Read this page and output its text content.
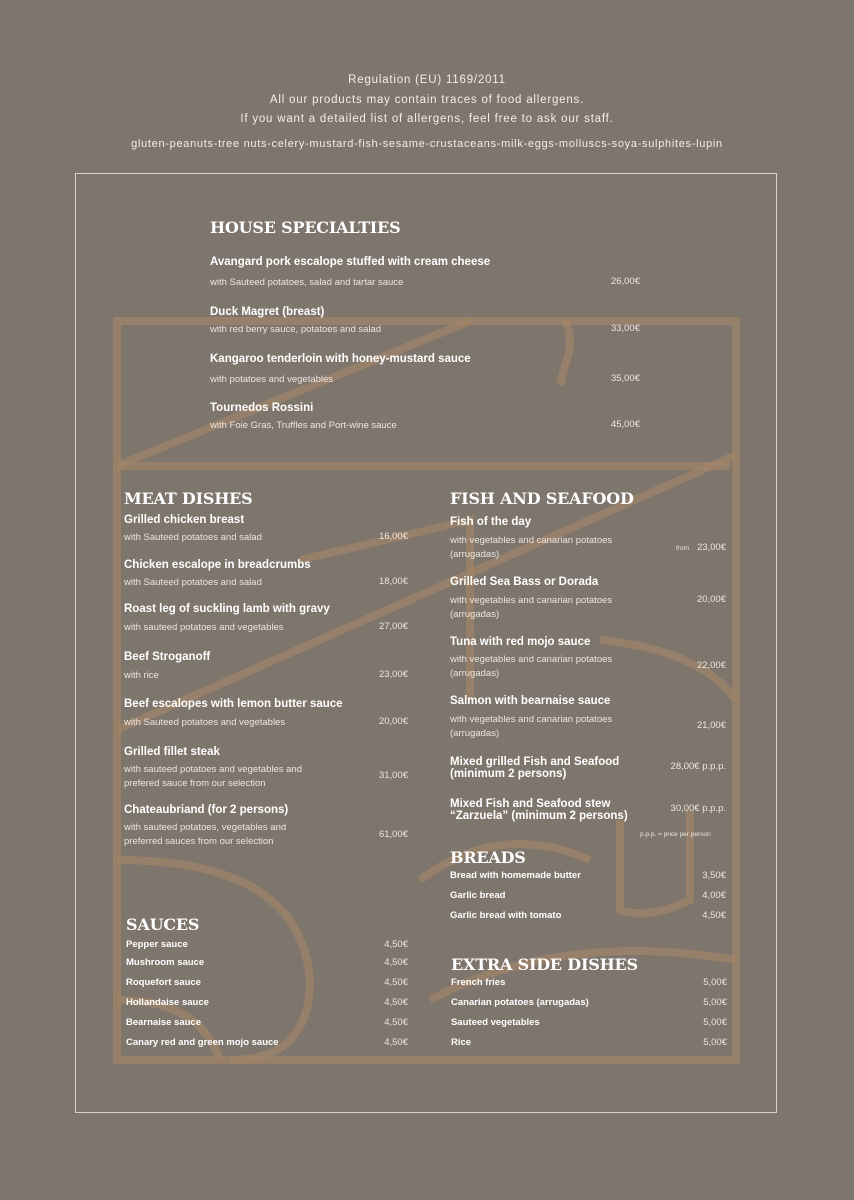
Regulation (EU) 1169/2011
All our products may contain traces of food allergens.
If you want a detailed list of allergens, feel free to ask our staff.
gluten-peanuts-tree nuts-celery-mustard-fish-sesame-crustaceans-milk-eggs-molluscs-soya-sulphites-lupin
HOUSE SPECIALTIES
Avangard pork escalope stuffed with cream cheese
with Sauteed potatoes, salad and tartar sauce	26,00€
Duck Magret (breast)
with red berry sauce, potatoes and salad	33,00€
Kangaroo tenderloin with honey-mustard sauce
with potatoes and vegetables	35,00€
Tournedos Rossini
with Foie Gras, Truffles and Port-wine sauce	45,00€
MEAT DISHES
Grilled chicken breast
with Sauteed potatoes and salad	16,00€
Chicken escalope in breadcrumbs
with Sauteed potatoes and salad	18,00€
Roast leg of suckling lamb with gravy
with sauteed potatoes and vegetables	27,00€
Beef Stroganoff
with rice	23,00€
Beef escalopes with lemon butter sauce
with Sauteed potatoes and vegetables	20,00€
Grilled fillet steak
with sauteed potatoes and vegetables and prefered sauce from our selection
31,00€
Chateaubriand (for 2 persons)
with sauteed potatoes, vegetables and preferred sauces from our selection
61,00€
FISH AND SEAFOOD
Fish of the day
with vegetables and canarian potatoes (arrugadas)
from 23,00€
Grilled Sea Bass or Dorada
with vegetables and canarian potatoes (arrugadas)
20,00€
Tuna with red mojo sauce
with vegetables and canarian potatoes (arrugadas)
22,00€
Salmon with bearnaise sauce
with vegetables and canarian potatoes (arrugadas)
21,00€
Mixed grilled Fish and Seafood (minimum 2 persons)
28,00€ p.p.p.
Mixed Fish and Seafood stew “Zarzuela” (minimum 2 persons)
30,00€ p.p.p.
p.p.p. = price per person
BREADS
Bread with homemade butter	3,50€
Garlic bread	4,00€
Garlic bread with tomato	4,50€
SAUCES
Pepper sauce	4,50€
Mushroom sauce	4,50€
Roquefort sauce	4,50€
Hollandaise sauce	4,50€
Bearnaise sauce	4,50€
Canary red and green mojo sauce	4,50€
EXTRA SIDE DISHES
French fries	5,00€
Canarian potatoes (arrugadas)	5,00€
Sauteed vegetables	5,00€
Rice	5,00€
